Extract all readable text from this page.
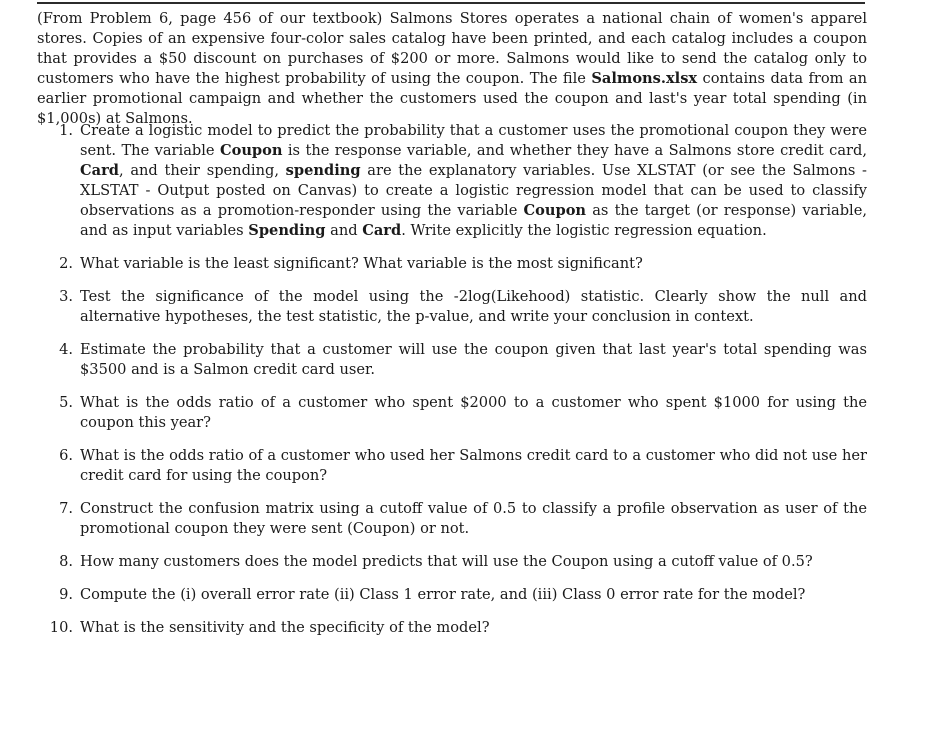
(From Problem 6, page 456 of our textbook) Salmons Stores operates a national chain of women's apparel stores. Copies of an expensive four-color sales catalog have been printed, and each catalog includes a coupon that provides a $50 discount on purchases of $200 or more. Salmons would like to send the catalog only to customers who have the highest probability of using the coupon. The file Salmons.xlsx contains data from an earlier promotional campaign and whether the customers used the coupon and last's year total spending (in $1,000s) at Salmons.

1. Create a logistic model to predict the probability that a customer uses the promotional coupon they were sent. The variable Coupon is the response variable, and whether they have a Salmons store credit card, Card, and their spending, spending are the explanatory variables. Use XLSTAT (or see the Salmons - XLSTAT - Output posted on Canvas) to create a logistic regression model that can be used to classify observations as a promotion-responder using the variable Coupon as the target (or response) variable, and as input variables Spending and Card. Write explicitly the logistic regression equation.
2. What variable is the least significant? What variable is the most significant?
3. Test the significance of the model using the -2log(Likehood) statistic. Clearly show the null and alternative hypotheses, the test statistic, the p-value, and write your conclusion in context.
4. Estimate the probability that a customer will use the coupon given that last year's total spending was $3500 and is a Salmon credit card user.
5. What is the odds ratio of a customer who spent $2000 to a customer who spent $1000 for using the coupon this year?
6. What is the odds ratio of a customer who used her Salmons credit card to a customer who did not use her credit card for using the coupon?
7. Construct the confusion matrix using a cutoff value of 0.5 to classify a profile observation as user of the promotional coupon they were sent (Coupon) or not.
8. How many customers does the model predicts that will use the Coupon using a cutoff value of 0.5?
9. Compute the (i) overall error rate (ii) Class 1 error rate, and (iii) Class 0 error rate for the model?
10. What is the sensitivity and the specificity of the model?
